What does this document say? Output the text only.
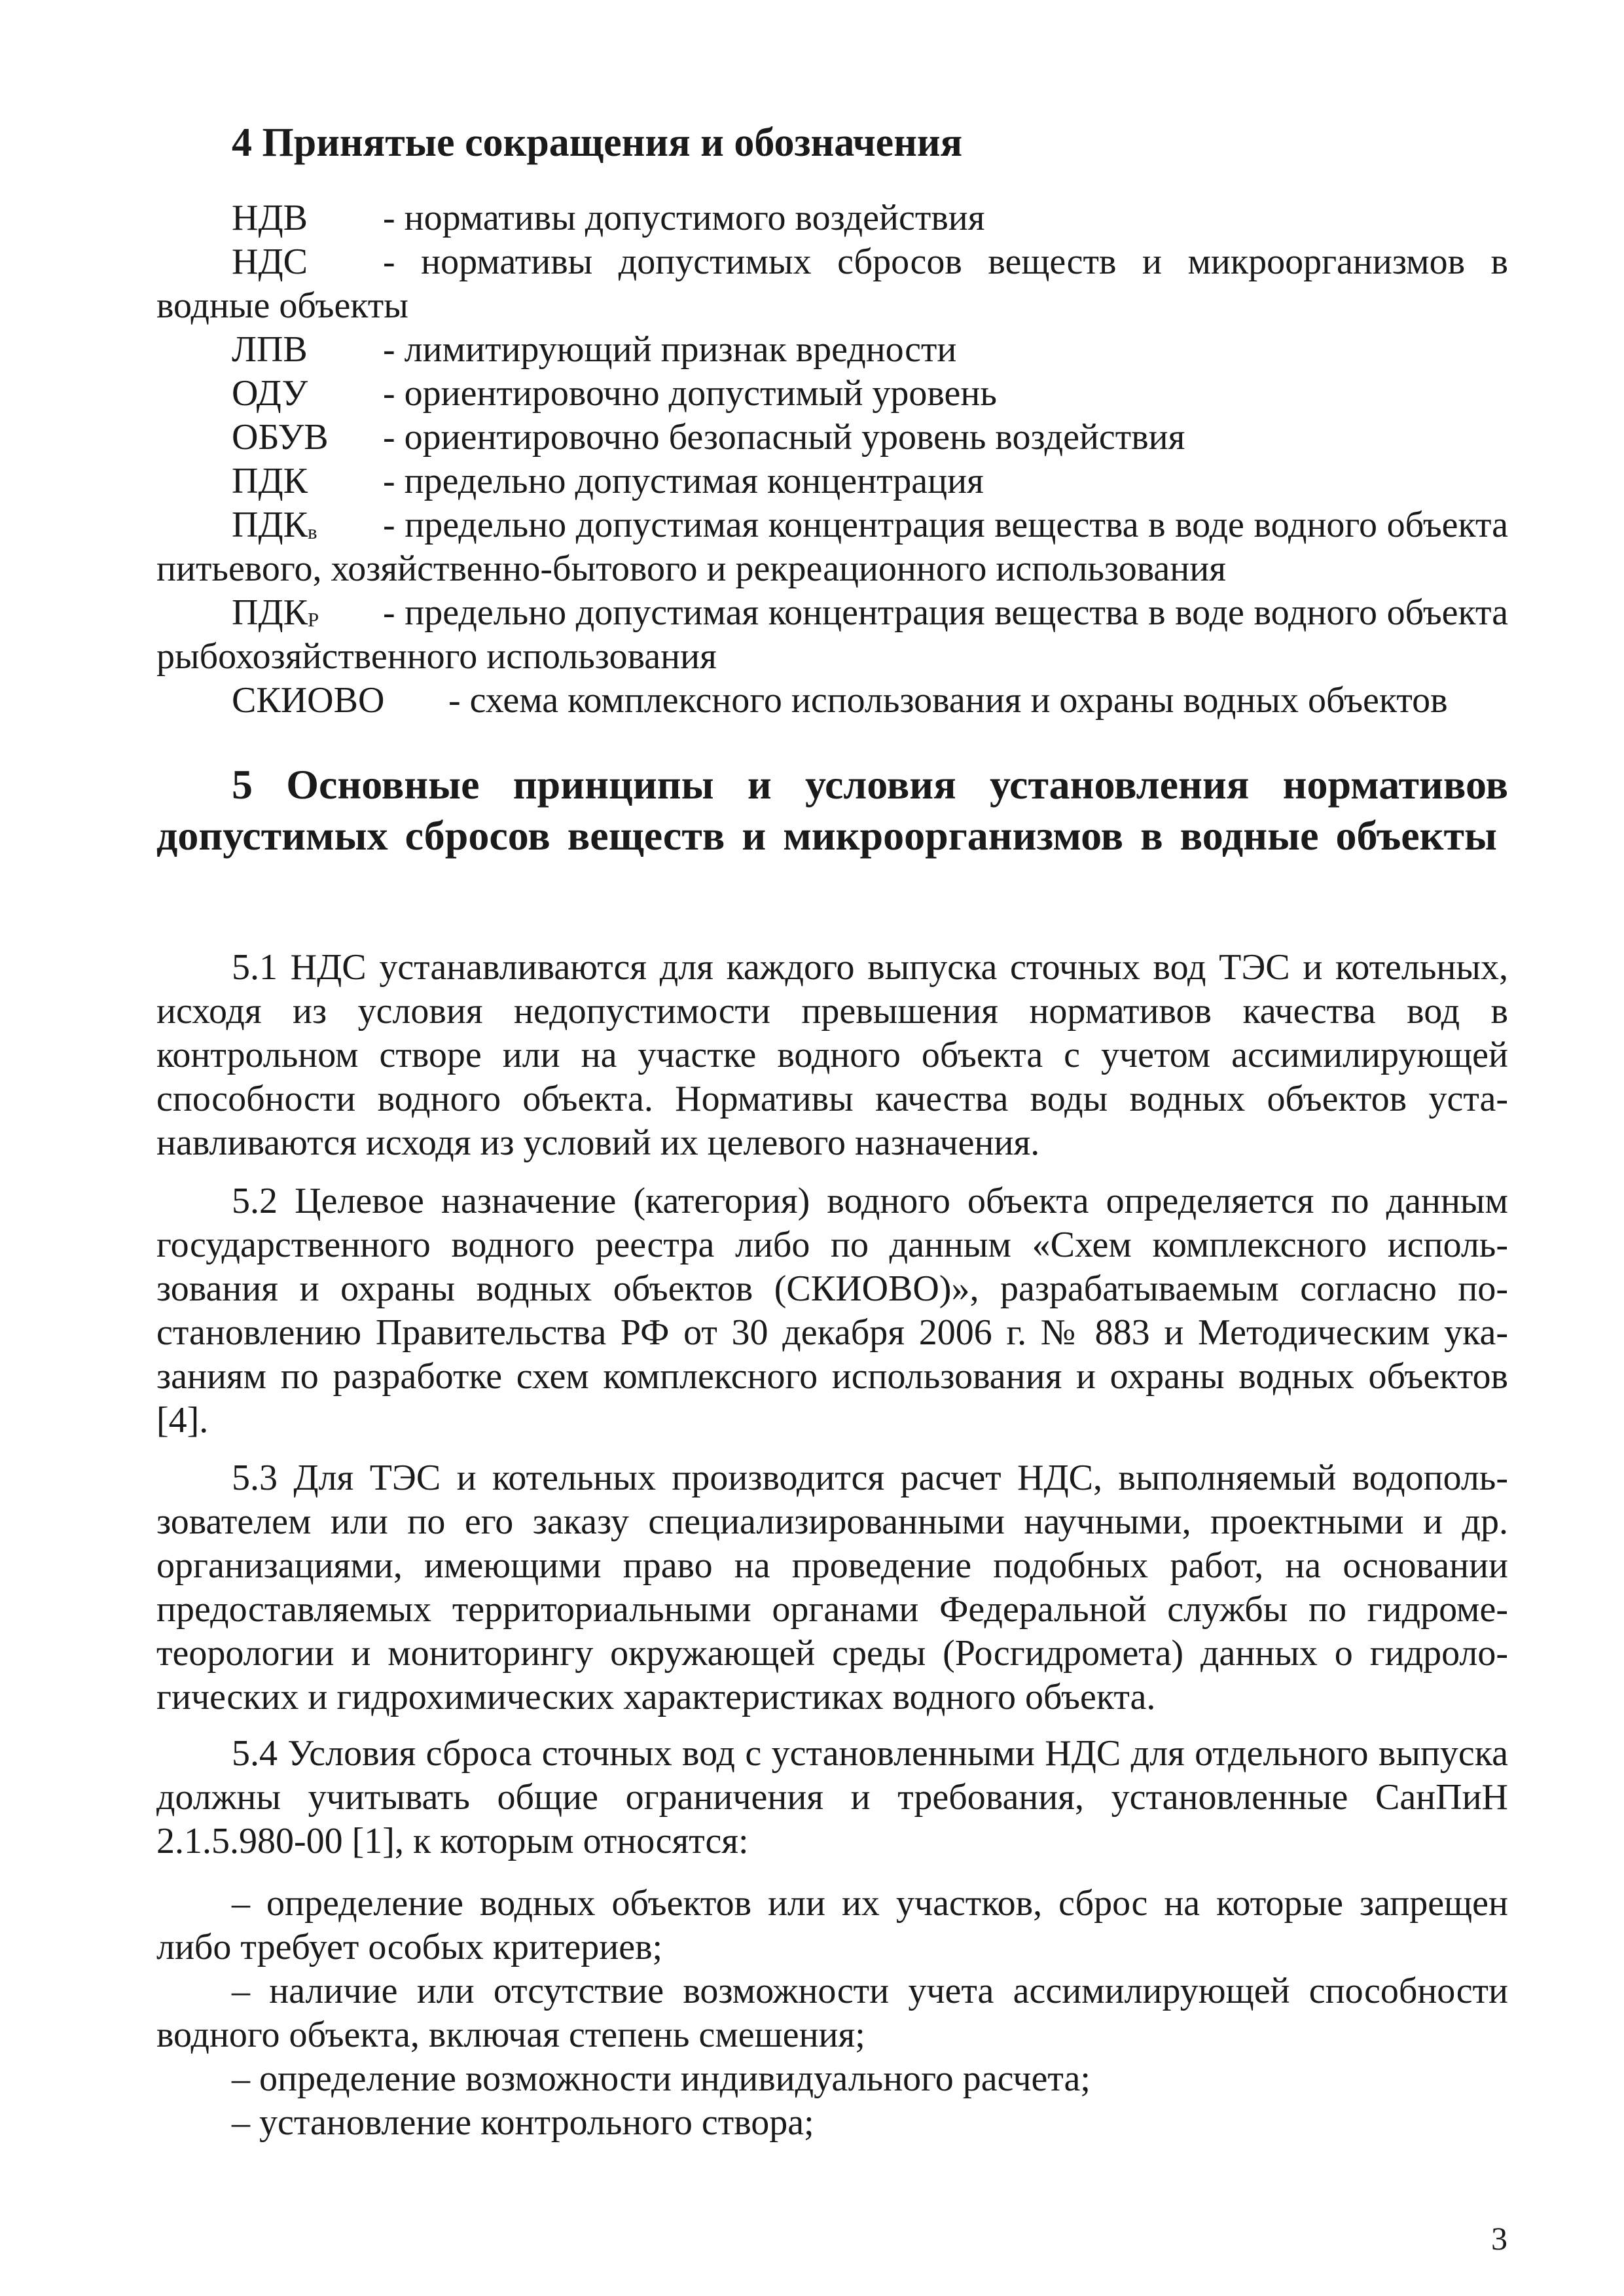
4 Принятые сокращения и обозначения
НДВ - нормативы допустимого воздействия
НДС	- нормативы допустимых сбросов веществ и микроорганизмов в водные объекты
ЛПВ - лимитирующий признак вредности
ОДУ - ориентировочно допустимый уровень
ОБУВ - ориентировочно безопасный уровень воздействия
ПДК - предельно допустимая концентрация
$ПДК_в$	- предельно допустимая концентрация вещества в воде водного объекта питьевого, хозяйственно-бытового и рекреационного использования
$ПДК_Р$	- предельно допустимая концентрация вещества в воде водного объекта рыбохозяйственного использования
СКИОВО - схема комплексного использования и охраны водных объектов
5 Основные принципы и условия установления нормативов допустимых сбросов веществ и микроорганизмов в водные объекты
5.1 НДС устанавливаются для каждого выпуска сточных вод ТЭС и котельных, исходя из условия недопустимости превышения нормативов качества вод в контрольном створе или на участке водного объекта с учетом ассимилирующей способности водного объекта. Нормативы качества воды водных объектов устанавливаются исходя из условий их целевого назначения.
5.2 Целевое назначение (категория) водного объекта определяется по данным государственного водного реестра либо по данным «Схем комплексного использования и охраны водных объектов (СКИОВО)», разрабатываемым согласно постановлению Правительства РФ от 30 декабря 2006 г. № 883 и Методическим указаниям по разработке схем комплексного использования и охраны водных объектов [4].
5.3 Для ТЭС и котельных производится расчет НДС, выполняемый водопользователем или по его заказу специализированными научными, проектными и др. организациями, имеющими право на проведение подобных работ, на основании предоставляемых территориальными органами Федеральной службы по гидрометеорологии и мониторингу окружающей среды (Росгидромета) данных о гидрологических и гидрохимических характеристиках водного объекта.
5.4 Условия сброса сточных вод с установленными НДС для отдельного выпуска должны учитывать общие ограничения и требования, установленные СанПиН 2.1.5.980-00 [1], к которым относятся:
– определение водных объектов или их участков, сброс на которые запрещен либо требует особых критериев;
– наличие или отсутствие возможности учета ассимилирующей способности водного объекта, включая степень смешения;
– определение возможности индивидуального расчета;
– установление контрольного створа;
3
